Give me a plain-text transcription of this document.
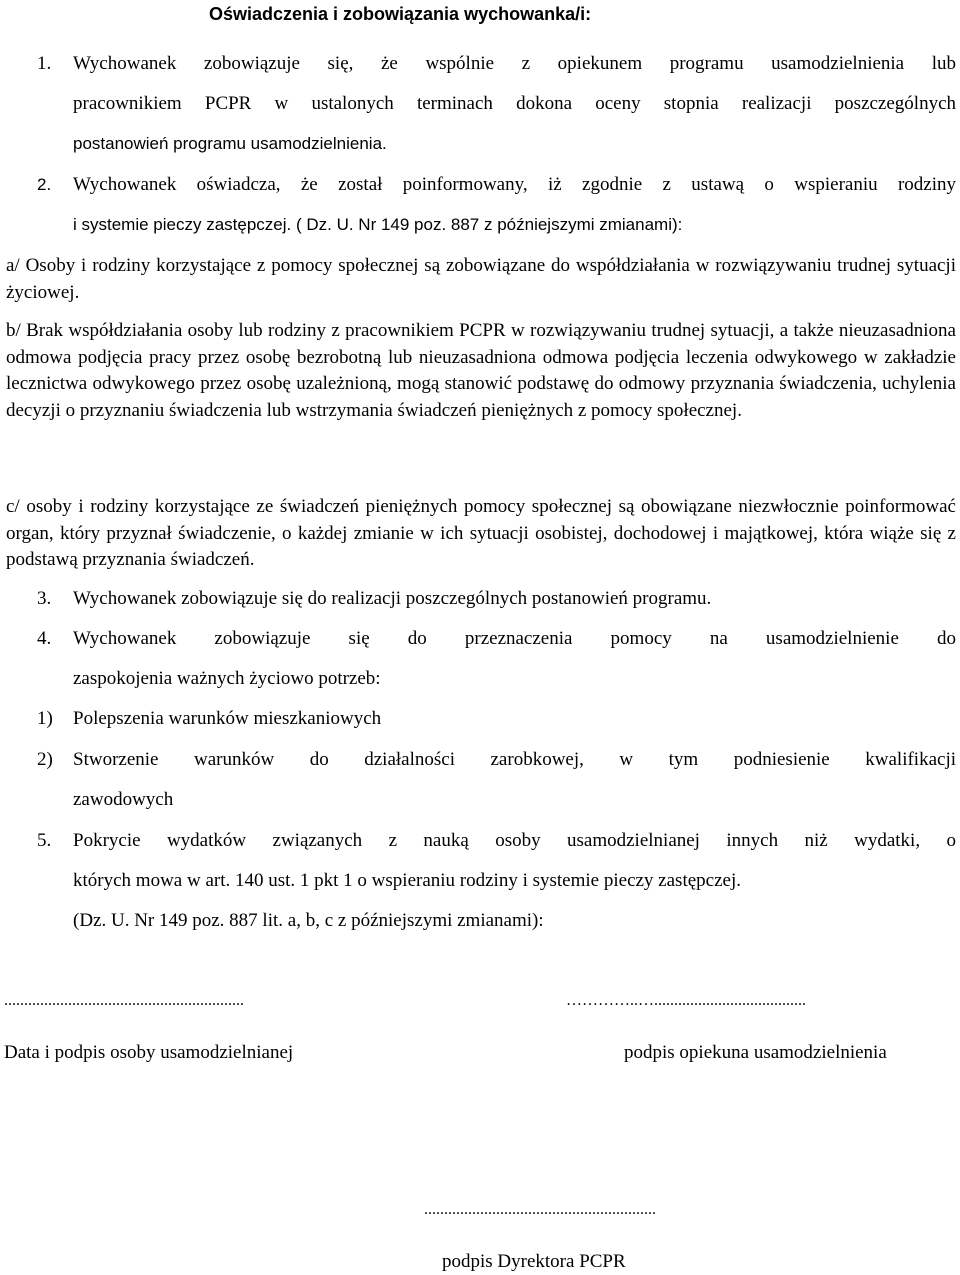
Oświadczenia i zobowiązania wychowanka/i:
1. Wychowanek zobowiązuje się, że wspólnie z opiekunem programu usamodzielnienia lub
pracownikiem PCPR w ustalonych terminach dokona oceny stopnia realizacji poszczególnych
postanowień programu usamodzielnienia.
2. Wychowanek oświadcza, że został poinformowany, iż zgodnie z ustawą o wspieraniu rodziny
i systemie pieczy zastępczej. ( Dz. U. Nr 149 poz. 887 z późniejszymi zmianami):
a/ Osoby i rodziny korzystające z pomocy społecznej są zobowiązane do współdziałania w rozwiązywaniu trudnej sytuacji życiowej.
b/ Brak współdziałania osoby lub rodziny z pracownikiem PCPR w rozwiązywaniu trudnej sytuacji, a także nieuzasadniona odmowa podjęcia pracy przez osobę bezrobotną lub nieuzasadniona odmowa podjęcia leczenia odwykowego w zakładzie lecznictwa odwykowego przez osobę uzależnioną, mogą stanowić podstawę do odmowy przyznania świadczenia, uchylenia decyzji o przyznaniu świadczenia lub wstrzymania świadczeń pieniężnych z pomocy społecznej.
c/ osoby i rodziny korzystające ze świadczeń pieniężnych pomocy społecznej są obowiązane niezwłocznie poinformować organ, który przyznał świadczenie, o każdej zmianie w ich sytuacji osobistej, dochodowej i majątkowej, która wiąże się z podstawą przyznania świadczeń.
3. Wychowanek zobowiązuje się do realizacji poszczególnych postanowień programu.
4. Wychowanek zobowiązuje się do przeznaczenia pomocy na usamodzielnienie do
zaspokojenia ważnych życiowo potrzeb:
1) Polepszenia warunków mieszkaniowych
2) Stworzenie warunków do działalności zarobkowej, w tym podniesienie kwalifikacji
zawodowych
5. Pokrycie wydatków związanych z nauką osoby usamodzielnianej innych niż wydatki, o
których mowa w art. 140 ust. 1 pkt 1 o wspieraniu rodziny i systemie pieczy zastępczej.
(Dz. U. Nr 149 poz. 887 lit. a, b, c z późniejszymi zmianami):
............................................................
Data i podpis osoby usamodzielnianej
…………..…......................................
podpis opiekuna usamodzielnienia
..........................................................
podpis Dyrektora PCPR
